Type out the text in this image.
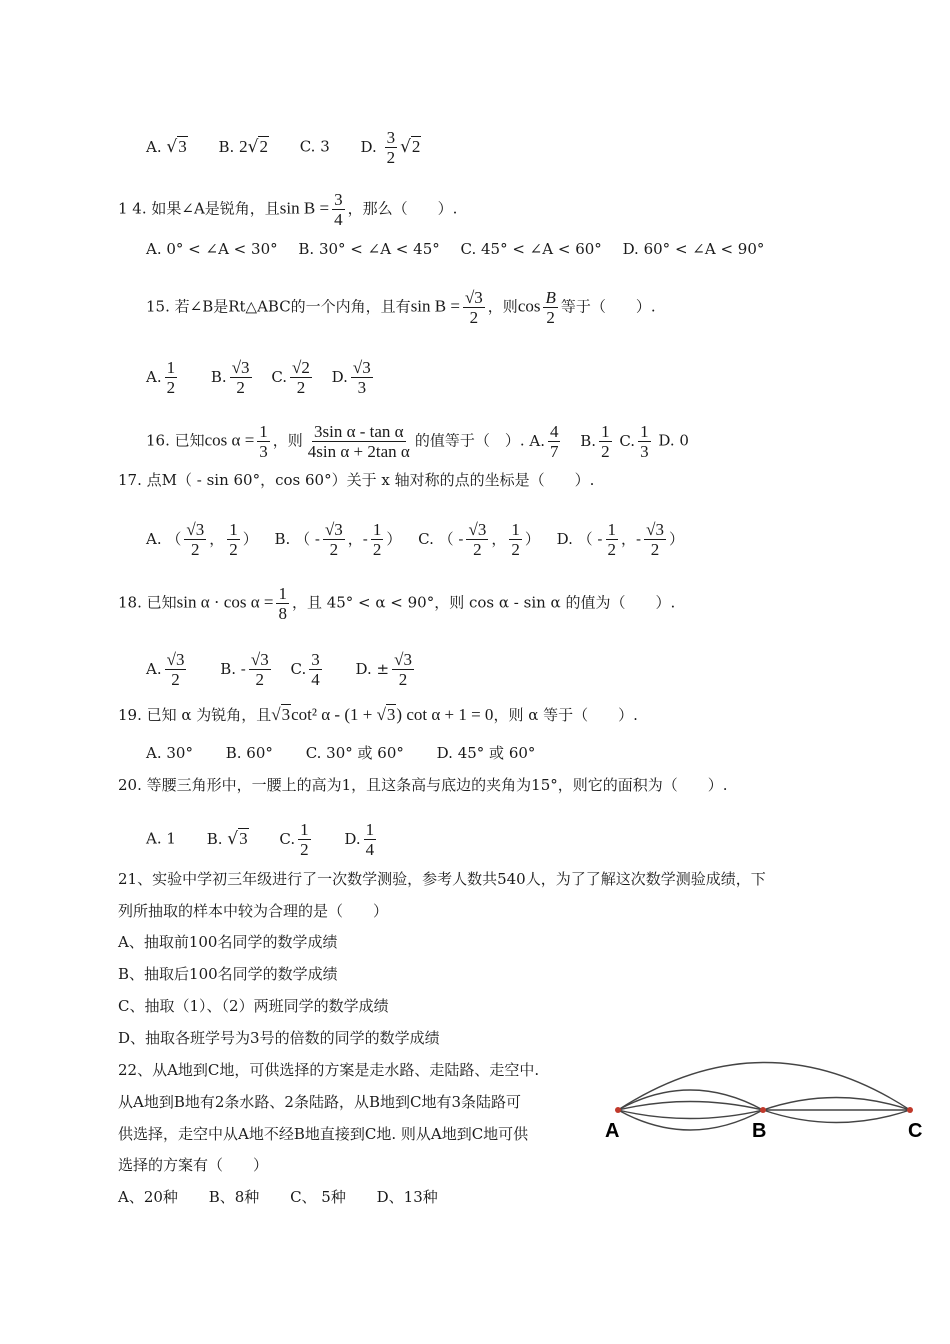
A. √3 B. 2√2 C. 3 D. $\frac{3}{2} √2$
1 4. 如果∠A是锐角，且$\sin B = \frac{3}{4}$ ，那么（　　）.
A. 0° < ∠A < 30° B. 30° < ∠A < 45° C. 45° < ∠A < 60° D. 60° < ∠A < 90°
15. 若∠B是Rt△ABC的一个内角，且有$\sin B = \frac{√3}{2}$ ，则$\cos \frac{B}{2}$ 等于（　　）.
A. $\frac{1}{2} B$. $\frac{√3}{2} C$. $\frac{√2}{2} D$. $\frac{√3}{3}$
16. 已知$\cos \alpha = \frac{1}{3}$ ，则 $\frac{\text{3sin α - tan α}}{\text{4sin α + 2tan α}}$ 的值等于（　）. A. $\frac{4}{7} B$. $\frac{1}{2} C$. $\frac{1}{3} D$. 0
17. 点M（ - sin 60°，cos 60°）关于 x 轴对称的点的坐标是（　　）.
A. （ $\frac{√3}{2}$ ， $\frac{1}{2}$ ） B. （ - $\frac{√3}{2}$ ，- $\frac{1}{2}$ ） C. （ - $\frac{√3}{2}$ ， $\frac{1}{2}$ ） D. （ - $\frac{1}{2}$ ，- $\frac{√3}{2}$ ）
18. 已知$\sin \alpha \cdot \cos \alpha = \frac{1}{8}$ ，且 45° < α < 90°，则 cos α - sin α 的值为（　　）.
A. $\frac{√3}{2} B$. - $\frac{√3}{2} C$. $\frac{3}{4} D$. ± $\frac{√3}{2}$
19. 已知 α 为锐角，且√3cot² α - (1 + √3) cot α + 1 = 0，则 α 等于（　　）.
A. 30° B. 60° C. 30° 或 60° D. 45° 或 60°
20. 等腰三角形中，一腰上的高为1，且这条高与底边的夹角为15°，则它的面积为（　　）.
A. 1 B. √3 C. $\frac{1}{2} D$. $\frac{1}{4}$
21、实验中学初三年级进行了一次数学测验，参考人数共540人，为了了解这次数学测验成绩，下
列所抽取的样本中较为合理的是（　　）
A、抽取前100名同学的数学成绩
B、抽取后100名同学的数学成绩
C、抽取（1）、（2）两班同学的数学成绩
D、抽取各班学号为3号的倍数的同学的数学成绩
22、从A地到C地，可供选择的方案是走水路、走陆路、走空中.
从A地到B地有2条水路、2条陆路，从B地到C地有3条陆路可
供选择，走空中从A地不经B地直接到C地. 则从A地到C地可供
选择的方案有（　　）
A、20种 B、8种 C、 5种 D、13种
A	B	C
